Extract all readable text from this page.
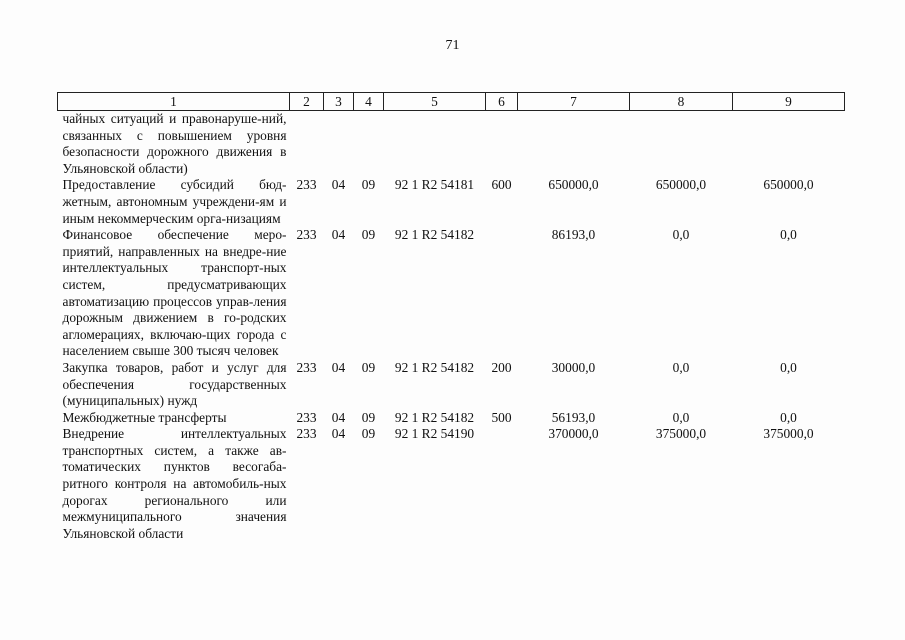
71
1	2	3	4	5	6	7	8	9
чайных ситуаций и правонаруше-ний, связанных с повышением уровня безопасности дорожного движения в Ульяновской области)								
Предоставление субсидий бюд-жетным, автономным учреждени-ям и иным некоммерческим орга-низациям	233	04	09	92 1 R2 54181	600	650000,0	650000,0	650000,0
Финансовое обеспечение меро-приятий, направленных на внедре-ние интеллектуальных транспорт-ных систем, предусматривающих автоматизацию процессов управ-ления дорожным движением в го-родских агломерациях, включаю-щих города с населением свыше 300 тысяч человек	233	04	09	92 1 R2 54182		86193,0	0,0	0,0
Закупка товаров, работ и услуг для обеспечения государственных (муниципальных) нужд	233	04	09	92 1 R2 54182	200	30000,0	0,0	0,0
Межбюджетные трансферты	233	04	09	92 1 R2 54182	500	56193,0	0,0	0,0
Внедрение интеллектуальных транспортных систем, а также ав-томатических пунктов весогаба-ритного контроля на автомобиль-ных дорогах регионального или межмуниципального значения Ульяновской области	233	04	09	92 1 R2 54190		370000,0	375000,0	375000,0
